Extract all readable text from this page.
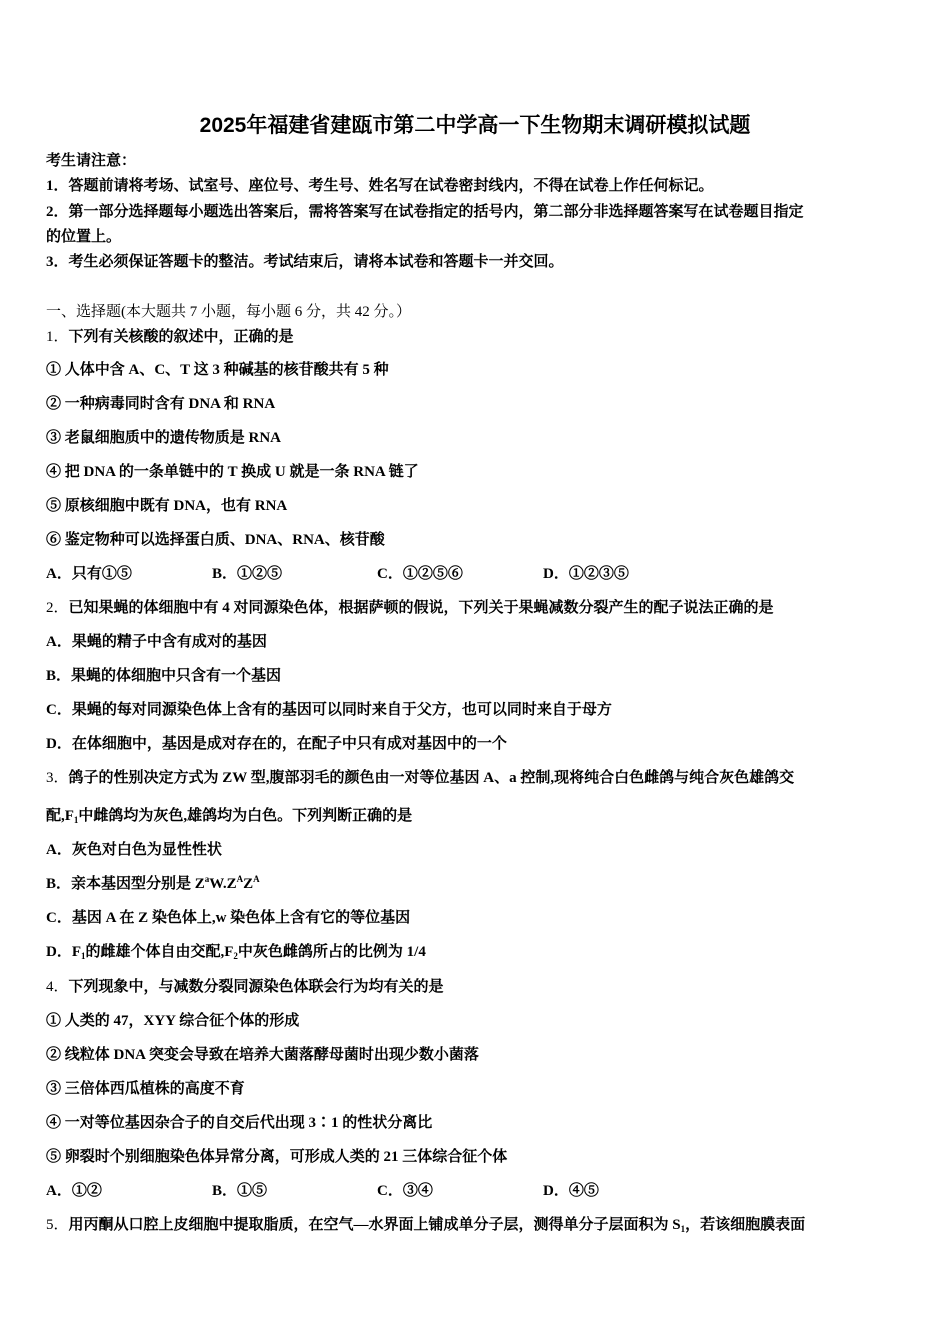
2025年福建省建瓯市第二中学高一下生物期末调研模拟试题
考生请注意：
1．答题前请将考场、试室号、座位号、考生号、姓名写在试卷密封线内，不得在试卷上作任何标记。
2．第一部分选择题每小题选出答案后，需将答案写在试卷指定的括号内，第二部分非选择题答案写在试卷题目指定
的位置上。
3．考生必须保证答题卡的整洁。考试结束后，请将本试卷和答题卡一并交回。
一、选择题(本大题共 7 小题，每小题 6 分，共 42 分。）
1．下列有关核酸的叙述中，正确的是
① 人体中含 A、C、T 这 3 种碱基的核苷酸共有 5 种
② 一种病毒同时含有 DNA 和 RNA
③ 老鼠细胞质中的遗传物质是 RNA
④ 把 DNA 的一条单链中的 T 换成 U 就是一条 RNA 链了
⑤ 原核细胞中既有 DNA，也有 RNA
⑥ 鉴定物种可以选择蛋白质、DNA、RNA、核苷酸
A．只有①⑤	B．①②⑤	C．①②⑤⑥	D．①②③⑤
2．已知果蝇的体细胞中有 4 对同源染色体，根据萨顿的假说，下列关于果蝇减数分裂产生的配子说法正确的是
A．果蝇的精子中含有成对的基因
B．果蝇的体细胞中只含有一个基因
C．果蝇的每对同源染色体上含有的基因可以同时来自于父方，也可以同时来自于母方
D．在体细胞中，基因是成对存在的，在配子中只有成对基因中的一个
3．鸽子的性别决定方式为 ZW 型,腹部羽毛的颜色由一对等位基因 A、a 控制,现将纯合白色雌鸽与纯合灰色雄鸽交
配$,F_1$中雌鸽均为灰色,雄鸽均为白色。下列判断正确的是
A．灰色对白色为显性性状
B．亲本基因型分别是 $Z^aW.Z^AZ^A$
C．基因 A 在 Z 染色体上,w 染色体上含有它的等位基因
D．$F_1$的雌雄个体自由交配$,F_2$中灰色雌鸽所占的比例为 1/4
4．下列现象中，与减数分裂同源染色体联会行为均有关的是
① 人类的 47，XYY 综合征个体的形成
② 线粒体 DNA 突变会导致在培养大菌落酵母菌时出现少数小菌落
③ 三倍体西瓜植株的高度不育
④ 一对等位基因杂合子的自交后代出现 3∶1 的性状分离比
⑤ 卵裂时个别细胞染色体异常分离，可形成人类的 21 三体综合征个体
A．①②	B．①⑤	C．③④	D．④⑤
5．用丙酮从口腔上皮细胞中提取脂质，在空气—水界面上铺成单分子层，测得单分子层面积为 $S_1$，若该细胞膜表面
